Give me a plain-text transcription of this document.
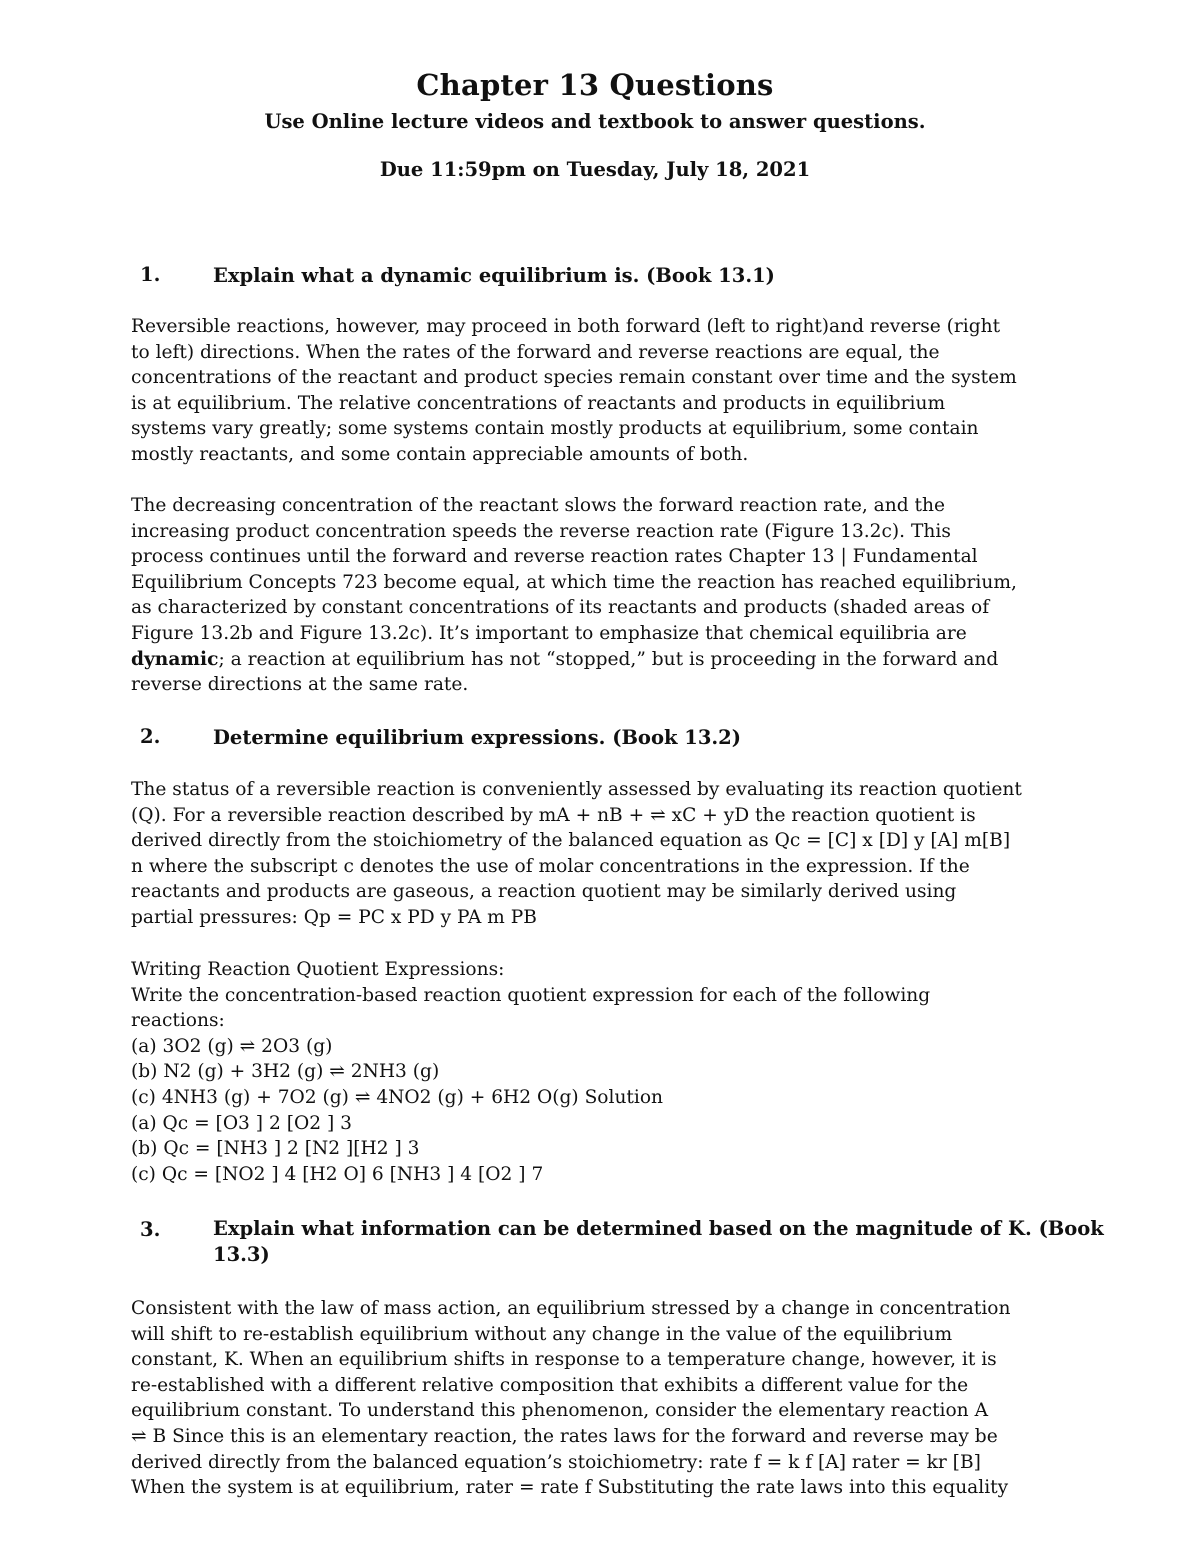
Chapter 13 Questions
Use Online lecture videos and textbook to answer questions.
Due 11:59pm on Tuesday, July 18, 2021
1.	Explain what a dynamic equilibrium is. (Book 13.1)
Reversible reactions, however, may proceed in both forward (left to right)and reverse (right
to left) directions. When the rates of the forward and reverse reactions are equal, the
concentrations of the reactant and product species remain constant over time and the system
is at equilibrium. The relative concentrations of reactants and products in equilibrium
systems vary greatly; some systems contain mostly products at equilibrium, some contain
mostly reactants, and some contain appreciable amounts of both.
The decreasing concentration of the reactant slows the forward reaction rate, and the
increasing product concentration speeds the reverse reaction rate (Figure 13.2c). This
process continues until the forward and reverse reaction rates Chapter 13 | Fundamental
Equilibrium Concepts 723 become equal, at which time the reaction has reached equilibrium,
as characterized by constant concentrations of its reactants and products (shaded areas of
Figure 13.2b and Figure 13.2c). It’s important to emphasize that chemical equilibria are
dynamic; a reaction at equilibrium has not “stopped,” but is proceeding in the forward and
reverse directions at the same rate.
2.	Determine equilibrium expressions. (Book 13.2)
The status of a reversible reaction is conveniently assessed by evaluating its reaction quotient
(Q). For a reversible reaction described by mA + nB + ⇌ xC + yD the reaction quotient is
derived directly from the stoichiometry of the balanced equation as Qc = [C] x [D] y [A] m[B]
n where the subscript c denotes the use of molar concentrations in the expression. If the
reactants and products are gaseous, a reaction quotient may be similarly derived using
partial pressures: Qp = PC x PD y PA m PB
Writing Reaction Quotient Expressions:
Write the concentration-based reaction quotient expression for each of the following
reactions:
(a) 3O2 (g) ⇌ 2O3 (g)
(b) N2 (g) + 3H2 (g) ⇌ 2NH3 (g)
(c) 4NH3 (g) + 7O2 (g) ⇌ 4NO2 (g) + 6H2 O(g) Solution
(a) Qc = [O3 ] 2 [O2 ] 3
(b) Qc = [NH3 ] 2 [N2 ][H2 ] 3
(c) Qc = [NO2 ] 4 [H2 O] 6 [NH3 ] 4 [O2 ] 7
3.	Explain what information can be determined based on the magnitude of K. (Book
13.3)
Consistent with the law of mass action, an equilibrium stressed by a change in concentration
will shift to re-establish equilibrium without any change in the value of the equilibrium
constant, K. When an equilibrium shifts in response to a temperature change, however, it is
re-established with a different relative composition that exhibits a different value for the
equilibrium constant. To understand this phenomenon, consider the elementary reaction A
⇌ B Since this is an elementary reaction, the rates laws for the forward and reverse may be
derived directly from the balanced equation’s stoichiometry: rate f = k f [A] rater = kr [B]
When the system is at equilibrium, rater = rate f Substituting the rate laws into this equality
